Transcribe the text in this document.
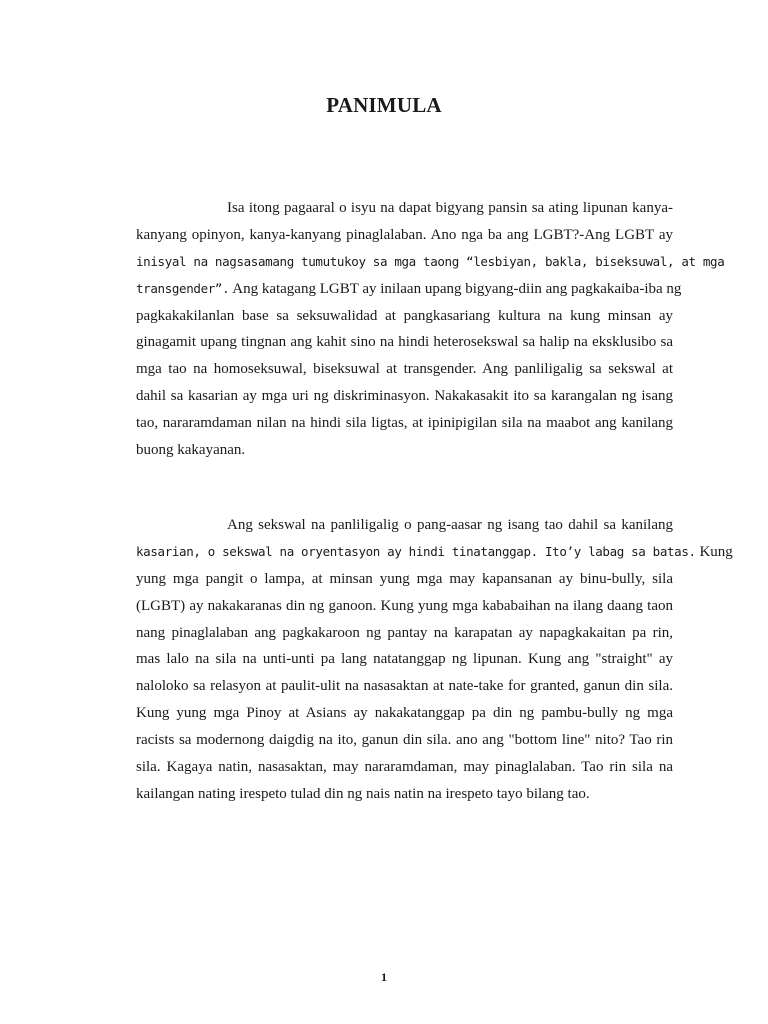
PANIMULA
Isa itong pagaaral o isyu na dapat bigyang pansin sa ating lipunan kanya-
kanyang opinyon, kanya-kanyang pinaglalaban. Ano nga ba ang LGBT?-Ang LGBT ay
inisyal na nagsasamang tumutukoy sa mga taong “lesbiyan, bakla, biseksuwal, at mga
transgender”. Ang katagang LGBT ay inilaan upang bigyang-diin ang pagkakaiba-iba ng
pagkakakilanlan base sa seksuwalidad at pangkasariang kultura na kung minsan ay
ginagamit upang tingnan ang kahit sino na hindi heterosekswal sa halip na eksklusibo sa
mga tao na homoseksuwal, biseksuwal at transgender. Ang panliligalig sa sekswal at
dahil sa kasarian ay mga uri ng diskriminasyon. Nakakasakit ito sa karangalan ng isang
tao, nararamdaman nilan na hindi sila ligtas, at ipinipigilan sila na maabot ang kanilang
buong kakayanan.
Ang sekswal na panliligalig o pang-aasar ng isang tao dahil sa kanilang
kasarian, o sekswal na oryentasyon ay hindi tinatanggap. Ito’y labag sa batas. Kung
yung mga pangit o lampa, at minsan yung mga may kapansanan ay binu-bully, sila
(LGBT) ay nakakaranas din ng ganoon. Kung yung mga kababaihan na ilang daang taon
nang pinaglalaban ang pagkakaroon ng pantay na karapatan ay napagkakaitan pa rin,
mas lalo na sila na unti-unti pa lang natatanggap ng lipunan. Kung ang "straight" ay
naloloko sa relasyon at paulit-ulit na nasasaktan at nate-take for granted, ganun din sila.
Kung yung mga Pinoy at Asians ay nakakatanggap pa din ng pambu-bully ng mga
racists sa modernong daigdig na ito, ganun din sila. ano ang "bottom line" nito? Tao rin
sila. Kagaya natin, nasasaktan, may nararamdaman, may pinaglalaban. Tao rin sila na
kailangan nating irespeto tulad din ng nais natin na irespeto tayo bilang tao.
1
